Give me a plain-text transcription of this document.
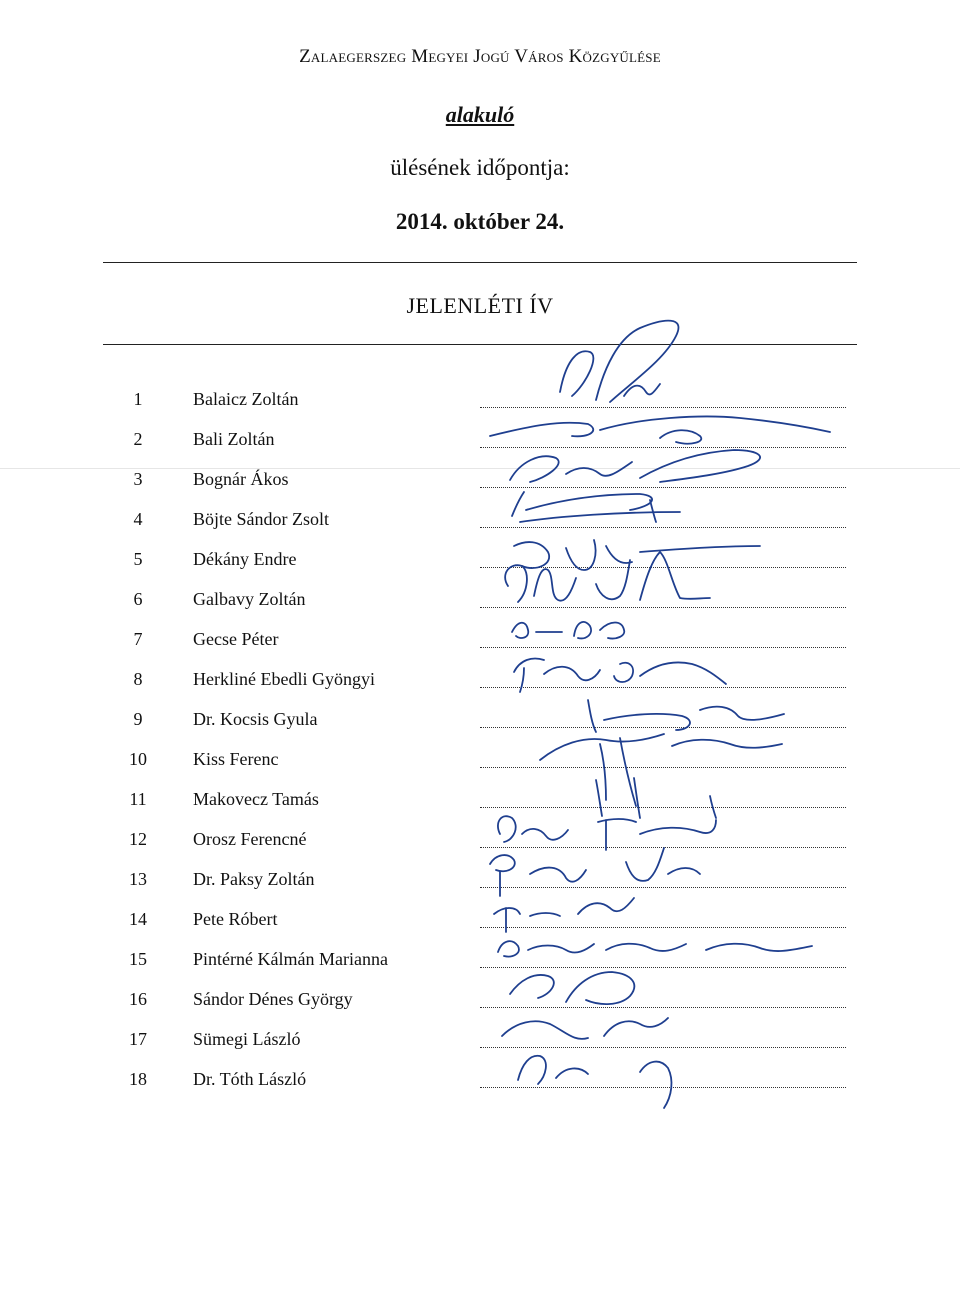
Zalaegerszeg Megyei Jogú Város Közgyűlése
alakuló
ülésének időpontja:
2014. október 24.
JELENLÉTI ÍV
1	Balaicz Zoltán
2	Bali Zoltán
3	Bognár Ákos
4	Böjte Sándor Zsolt
5	Dékány Endre
6	Galbavy Zoltán
7	Gecse Péter
8	Herkliné Ebedli Gyöngyi
9	Dr. Kocsis Gyula
10	Kiss Ferenc
11	Makovecz Tamás
12	Orosz Ferencné
13	Dr. Paksy Zoltán
14	Pete Róbert
15	Pintérné Kálmán Marianna
16	Sándor Dénes György
17	Sümegi László
18	Dr. Tóth László
